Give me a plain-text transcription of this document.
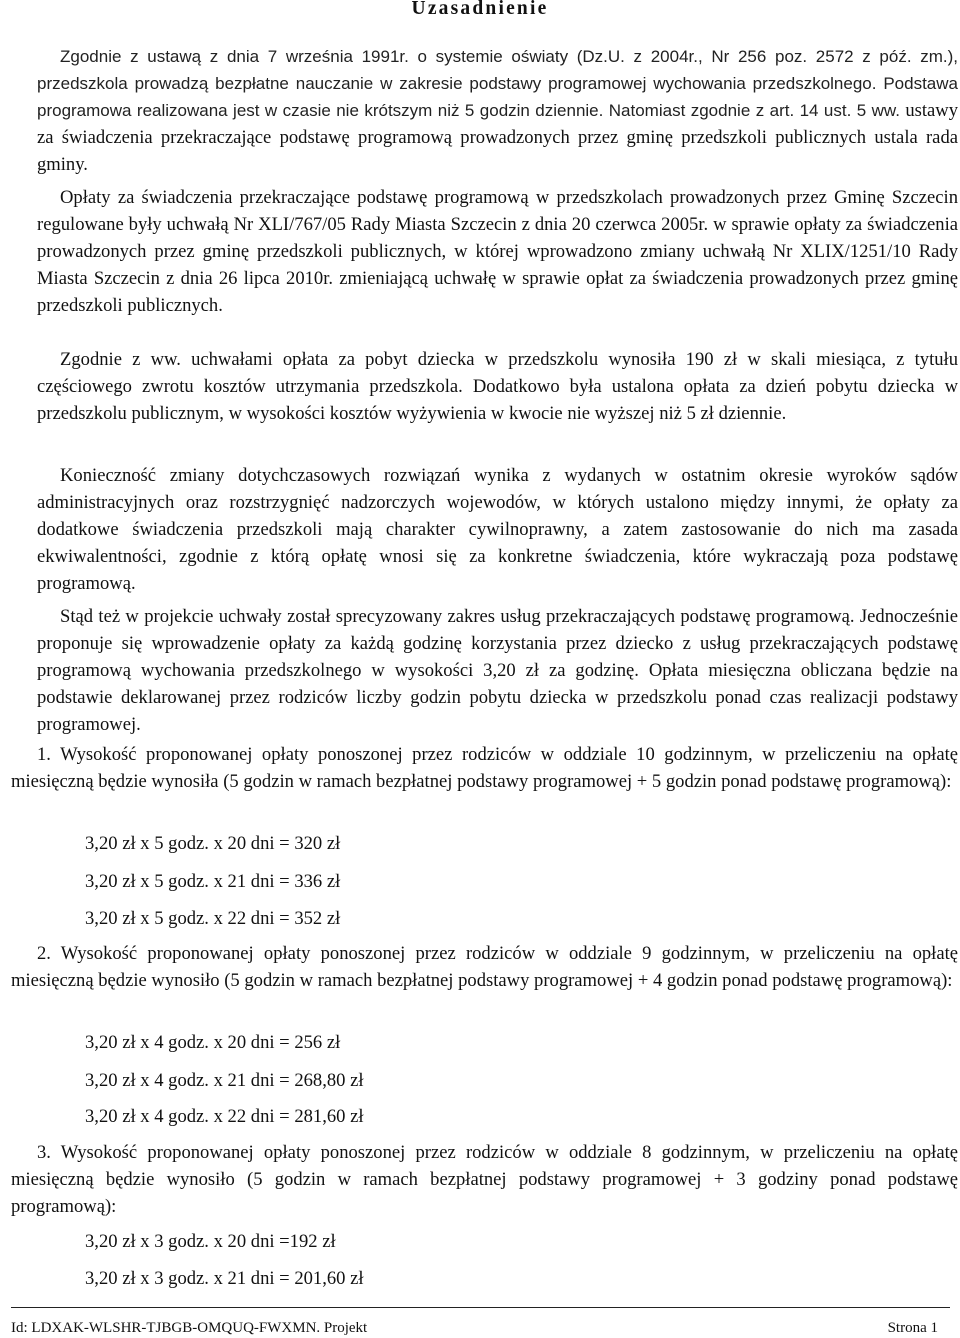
Uzasadnienie

Zgodnie z ustawą z dnia 7 września 1991r. o systemie oświaty (Dz.U. z 2004r., Nr 256 poz. 2572 z póź. zm.), przedszkola prowadzą bezpłatne nauczanie w zakresie podstawy programowej wychowania przedszkolnego. Podstawa programowa realizowana jest w czasie nie krótszym niż 5 godzin dziennie. Natomiast zgodnie z art. 14 ust. 5 ww. ustawy za świadczenia przekraczające podstawę programową prowadzonych przez gminę przedszkoli publicznych ustala rada gminy.

Opłaty za świadczenia przekraczające podstawę programową w przedszkolach prowadzonych przez Gminę Szczecin regulowane były uchwałą Nr XLI/767/05 Rady Miasta Szczecin z dnia 20 czerwca 2005r. w sprawie opłaty za świadczenia prowadzonych przez gminę przedszkoli publicznych, w której wprowadzono zmiany uchwałą Nr XLIX/1251/10 Rady Miasta Szczecin z dnia 26 lipca 2010r. zmieniającą uchwałę w sprawie opłat za świadczenia prowadzonych przez gminę przedszkoli publicznych.

Zgodnie z ww. uchwałami opłata za pobyt dziecka w przedszkolu wynosiła 190 zł w skali miesiąca, z tytułu częściowego zwrotu kosztów utrzymania przedszkola. Dodatkowo była ustalona opłata za dzień pobytu dziecka w przedszkolu publicznym, w wysokości kosztów wyżywienia w kwocie nie wyższej niż 5 zł dziennie.

Konieczność zmiany dotychczasowych rozwiązań wynika z wydanych w ostatnim okresie wyroków sądów administracyjnych oraz rozstrzygnięć nadzorczych wojewodów, w których ustalono między innymi, że opłaty za dodatkowe świadczenia przedszkoli mają charakter cywilnoprawny, a zatem zastosowanie do nich ma zasada ekwiwalentności, zgodnie z którą opłatę wnosi się za konkretne świadczenia, które wykraczają poza podstawę programową.

Stąd też w projekcie uchwały został sprecyzowany zakres usług przekraczających podstawę programową. Jednocześnie proponuje się wprowadzenie opłaty za każdą godzinę korzystania przez dziecko z usług przekraczających podstawę programową wychowania przedszkolnego w wysokości 3,20 zł za godzinę. Opłata miesięczna obliczana będzie na podstawie deklarowanej przez rodziców liczby godzin pobytu dziecka w przedszkolu ponad czas realizacji podstawy programowej.

1. Wysokość proponowanej opłaty ponoszonej przez rodziców w oddziale 10 godzinnym, w przeliczeniu na opłatę miesięczną będzie wynosiła (5 godzin w ramach bezpłatnej podstawy programowej + 5 godzin ponad podstawę programową):

3,20 zł x 5 godz. x 20 dni = 320 zł

3,20 zł x 5 godz. x 21 dni = 336 zł

3,20 zł x 5 godz. x 22 dni = 352 zł

2. Wysokość proponowanej opłaty ponoszonej przez rodziców w oddziale 9 godzinnym, w przeliczeniu na opłatę miesięczną będzie wynosiło (5 godzin w ramach bezpłatnej podstawy programowej + 4 godzin ponad podstawę programową):

3,20 zł x 4 godz. x 20 dni = 256 zł

3,20 zł x 4 godz. x 21 dni = 268,80 zł

3,20 zł x 4 godz. x 22 dni = 281,60 zł

3. Wysokość proponowanej opłaty ponoszonej przez rodziców w oddziale 8 godzinnym, w przeliczeniu na opłatę miesięczną będzie wynosiło (5 godzin w ramach bezpłatnej podstawy programowej + 3 godziny ponad podstawę programową):

3,20 zł x 3 godz. x 20 dni =192 zł

3,20 zł x 3 godz. x 21 dni = 201,60 zł

Id: LDXAK-WLSHR-TJBGB-OMQUQ-FWXMN. Projekt	Strona 1
